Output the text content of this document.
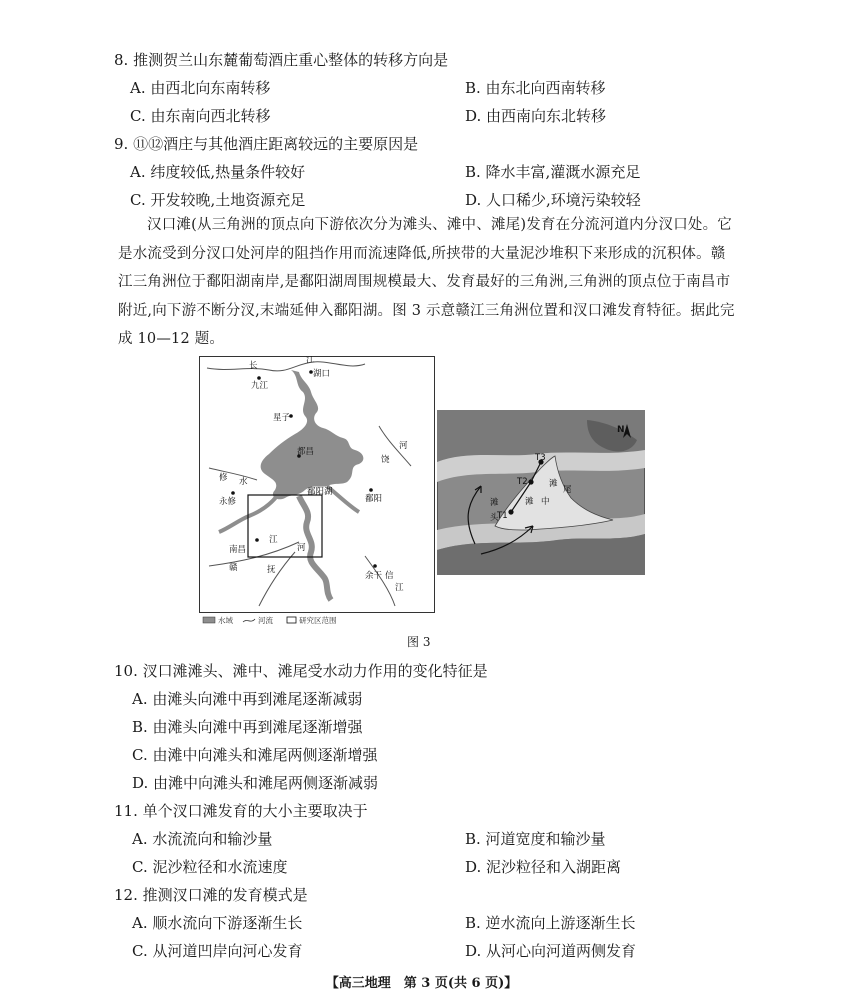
8. 推测贺兰山东麓葡萄酒庄重心整体的转移方向是
A. 由西北向东南转移	B. 由东北向西南转移
C. 由东南向西北转移	D. 由西南向东北转移
9. ⑪⑫酒庄与其他酒庄距离较远的主要原因是
A. 纬度较低,热量条件较好	B. 降水丰富,灌溉水源充足
C. 开发较晚,土地资源充足	D. 人口稀少,环境污染较轻
汉口滩(从三角洲的顶点向下游依次分为滩头、滩中、滩尾)发育在分流河道内分汊口处。它是水流受到分汊口处河岸的阻挡作用而流速降低,所挟带的大量泥沙堆积下来形成的沉积体。赣江三角洲位于鄱阳湖南岸,是鄱阳湖周围规模最大、发育最好的三角洲,三角洲的顶点位于南昌市附近,向下游不断分汊,末端延伸入鄱阳湖。图 3 示意赣江三角洲位置和汊口滩发育特征。据此完成 10—12 题。
长
江
九江
湖口
星子
都昌
饶
河
修 水
永修
鄱阳湖
鄱阳
江
河
南昌
赣	抚
余干 信
江
水域	河流	研究区范围
N
T1
T2
T3
滩
头
滩 中
滩
尾
图 3
10. 汊口滩滩头、滩中、滩尾受水动力作用的变化特征是
A. 由滩头向滩中再到滩尾逐渐减弱
B. 由滩头向滩中再到滩尾逐渐增强
C. 由滩中向滩头和滩尾两侧逐渐增强
D. 由滩中向滩头和滩尾两侧逐渐减弱
11. 单个汊口滩发育的大小主要取决于
A. 水流流向和输沙量	B. 河道宽度和输沙量
C. 泥沙粒径和水流速度	D. 泥沙粒径和入湖距离
12. 推测汊口滩的发育模式是
A. 顺水流向下游逐渐生长	B. 逆水流向上游逐渐生长
C. 从河道凹岸向河心发育	D. 从河心向河道两侧发育
【高三地理　第 3 页(共 6 页)】
